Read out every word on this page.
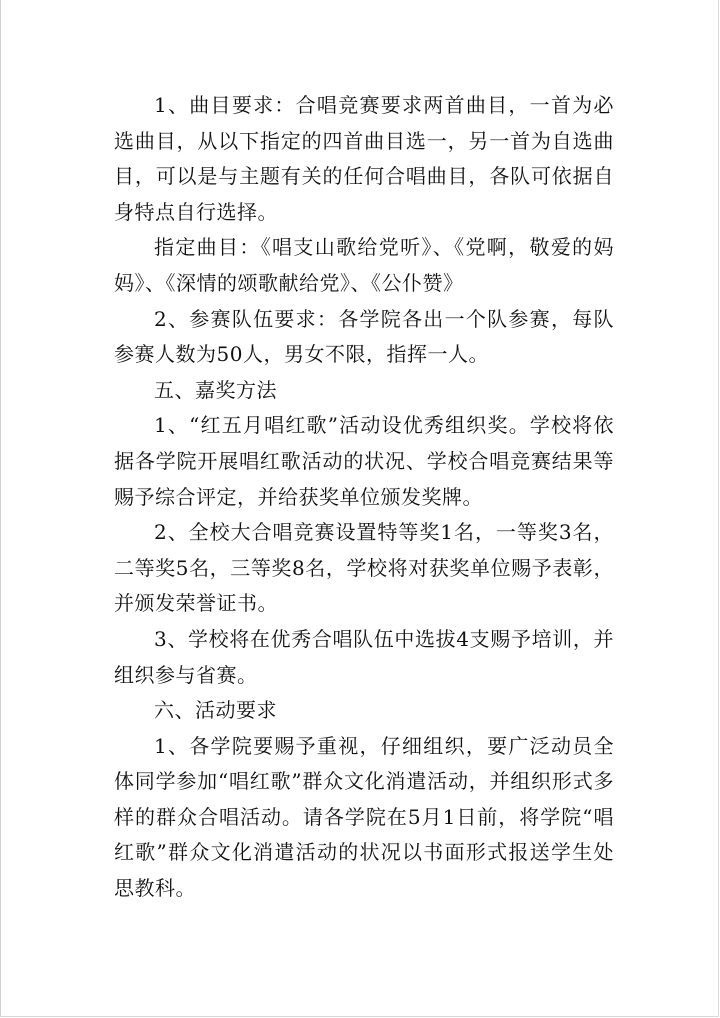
1、曲目要求：合唱竞赛要求两首曲目，一首为必选曲目，从以下指定的四首曲目选一，另一首为自选曲目，可以是与主题有关的任何合唱曲目，各队可依据自身特点自行选择。

指定曲目：《唱支山歌给党听》、《党啊，敬爱的妈妈》、《深情的颂歌献给党》、《公仆赞》

2、参赛队伍要求：各学院各出一个队参赛，每队参赛人数为50人，男女不限，指挥一人。

五、嘉奖方法

1、“红五月唱红歌”活动设优秀组织奖。学校将依据各学院开展唱红歌活动的状况、学校合唱竞赛结果等赐予综合评定，并给获奖单位颁发奖牌。

2、全校大合唱竞赛设置特等奖1名，一等奖3名，二等奖5名，三等奖8名，学校将对获奖单位赐予表彰，并颁发荣誉证书。

3、学校将在优秀合唱队伍中选拔4支赐予培训，并组织参与省赛。

六、活动要求

1、各学院要赐予重视，仔细组织，要广泛动员全体同学参加“唱红歌”群众文化消遣活动，并组织形式多样的群众合唱活动。请各学院在5月1日前，将学院“唱红歌”群众文化消遣活动的状况以书面形式报送学生处思教科。
